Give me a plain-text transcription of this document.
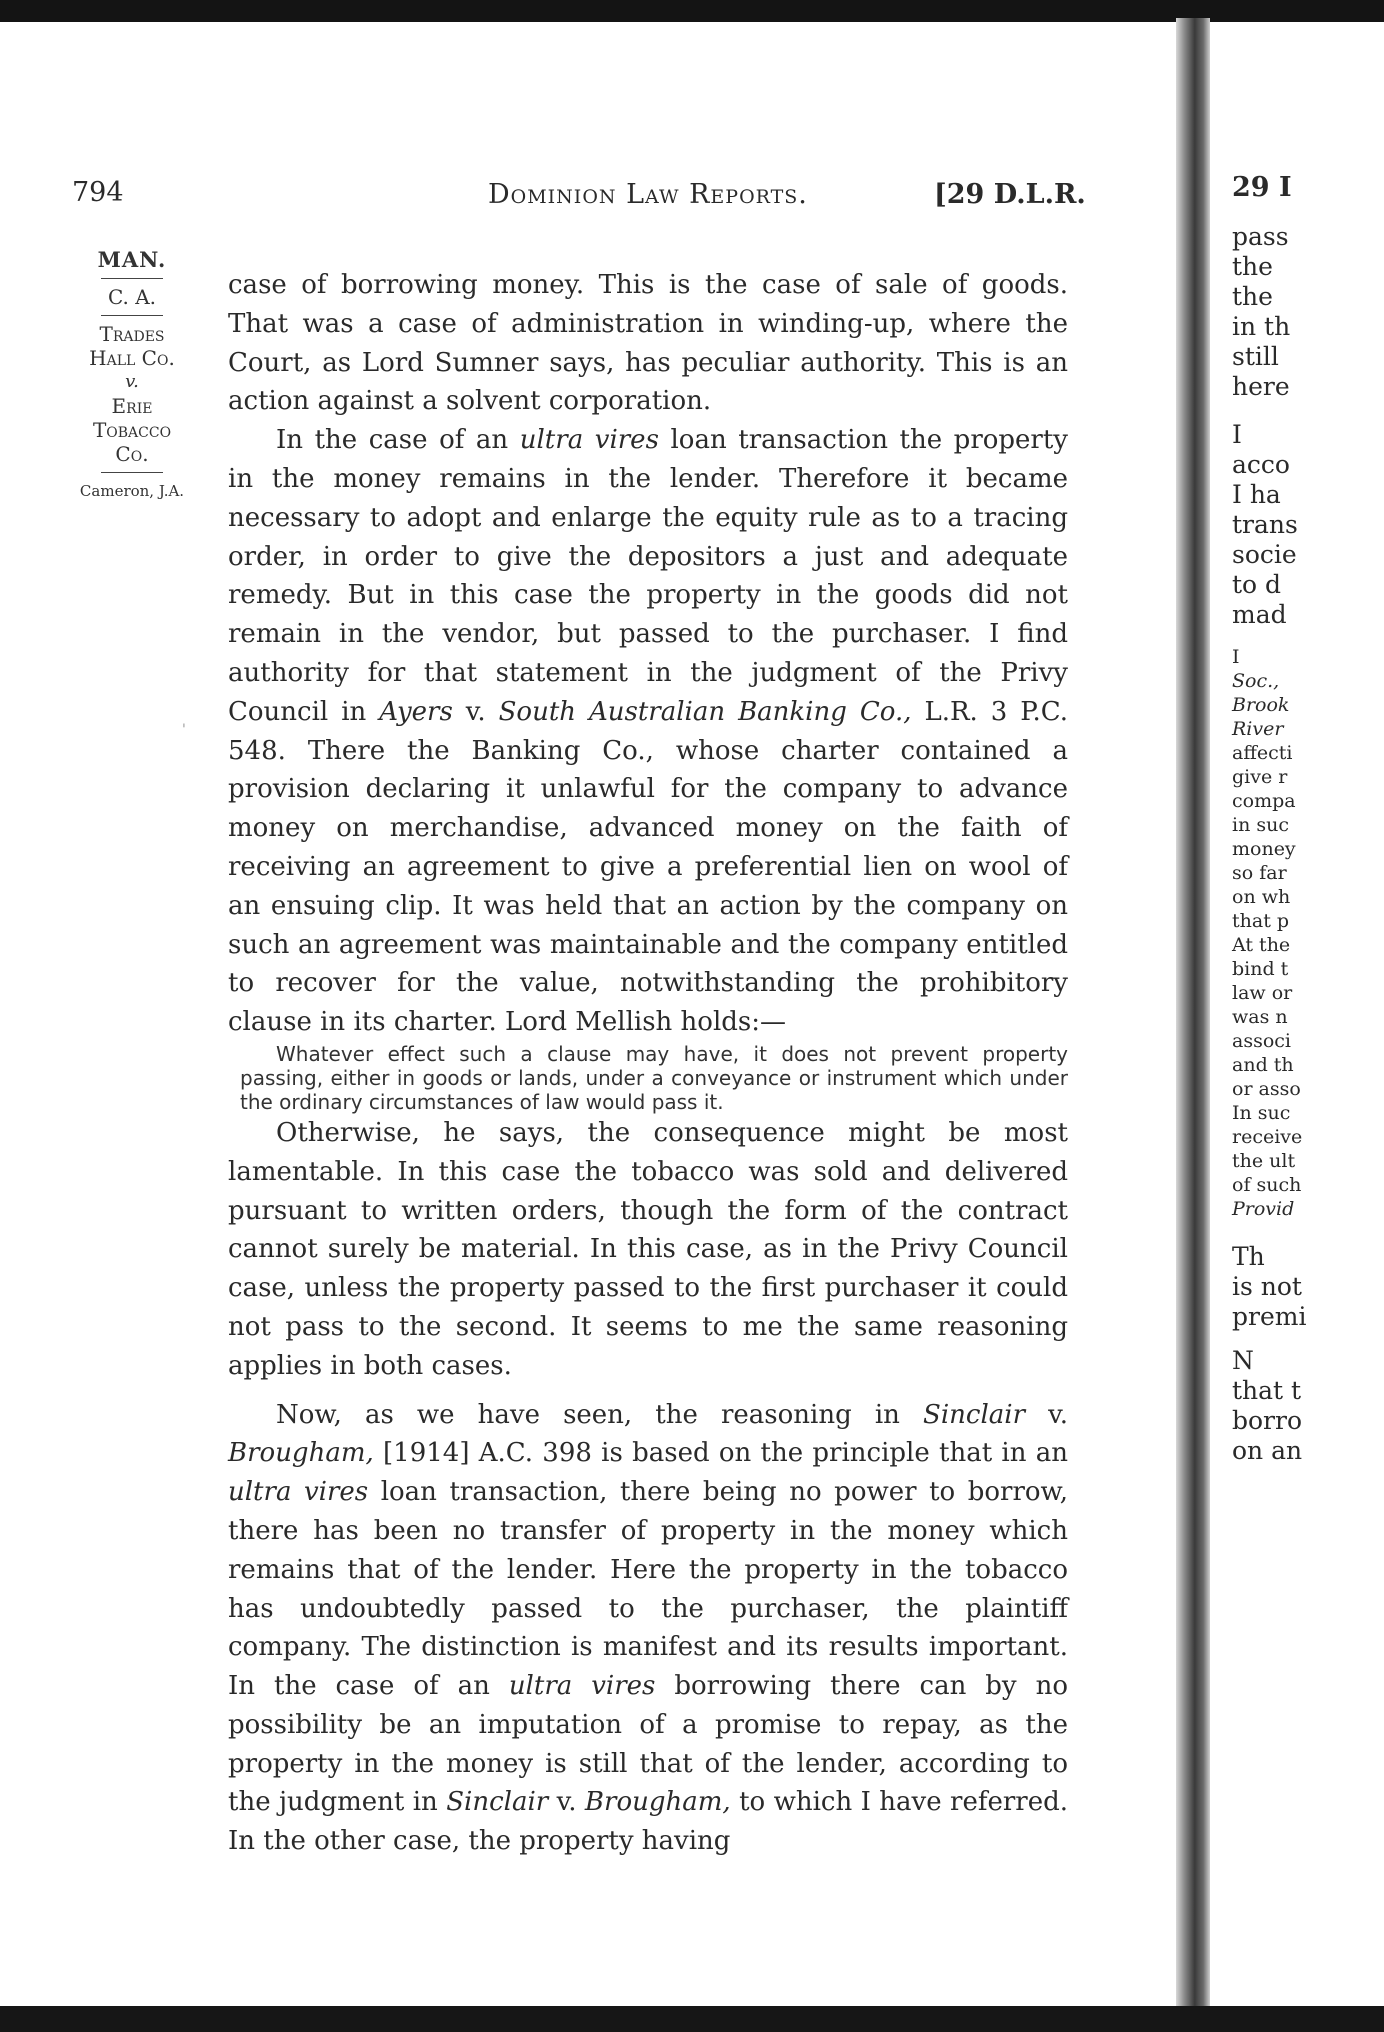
794	Dominion Law Reports.	[29 D.L.R.
MAN.
C. A.
Trades
Hall Co.
v.
Erie
Tobacco
Co.
Cameron, J.A.
'

case of borrowing money. This is the case of sale of goods. That was a case of administration in winding-up, where the Court, as Lord Sumner says, has peculiar authority. This is an action against a solvent corporation.

In the case of an ultra vires loan transaction the property in the money remains in the lender. Therefore it became necessary to adopt and enlarge the equity rule as to a tracing order, in order to give the depositors a just and adequate remedy. But in this case the property in the goods did not remain in the vendor, but passed to the purchaser. I find authority for that statement in the judgment of the Privy Council in Ayers v. South Australian Banking Co., L.R. 3 P.C. 548. There the Banking Co., whose charter contained a provision declaring it unlawful for the company to advance money on merchandise, advanced money on the faith of receiving an agreement to give a preferential lien on wool of an ensuing clip. It was held that an action by the company on such an agreement was maintainable and the company entitled to recover for the value, notwithstanding the prohibitory clause in its charter. Lord Mellish holds:—

Whatever effect such a clause may have, it does not prevent property passing, either in goods or lands, under a conveyance or instrument which under the ordinary circumstances of law would pass it.

Otherwise, he says, the consequence might be most lamentable. In this case the tobacco was sold and delivered pursuant to written orders, though the form of the contract cannot surely be material. In this case, as in the Privy Council case, unless the property passed to the first purchaser it could not pass to the second. It seems to me the same reasoning applies in both cases.

Now, as we have seen, the reasoning in Sinclair v. Brougham, [1914] A.C. 398 is based on the principle that in an ultra vires loan transaction, there being no power to borrow, there has been no transfer of property in the money which remains that of the lender. Here the property in the tobacco has undoubtedly passed to the purchaser, the plaintiff company. The distinction is manifest and its results important. In the case of an ultra vires borrowing there can by no possibility be an imputation of a promise to repay, as the property in the money is still that of the lender, according to the judgment in Sinclair v. Brougham, to which I have referred. In the other case, the property having

29 I
pass
the
the
in th
still
here
I
acco
I ha
trans
socie
to d
mad
I
Soc.,
Brook
River
affecti
give r
compa
in suc
money
so far
on wh
that p
At the
bind t
law or
was n
associ
and th
or asso
In suc
receive
the ult
of such
Provid
Th
is not
premi
N
that t
borro
on an
